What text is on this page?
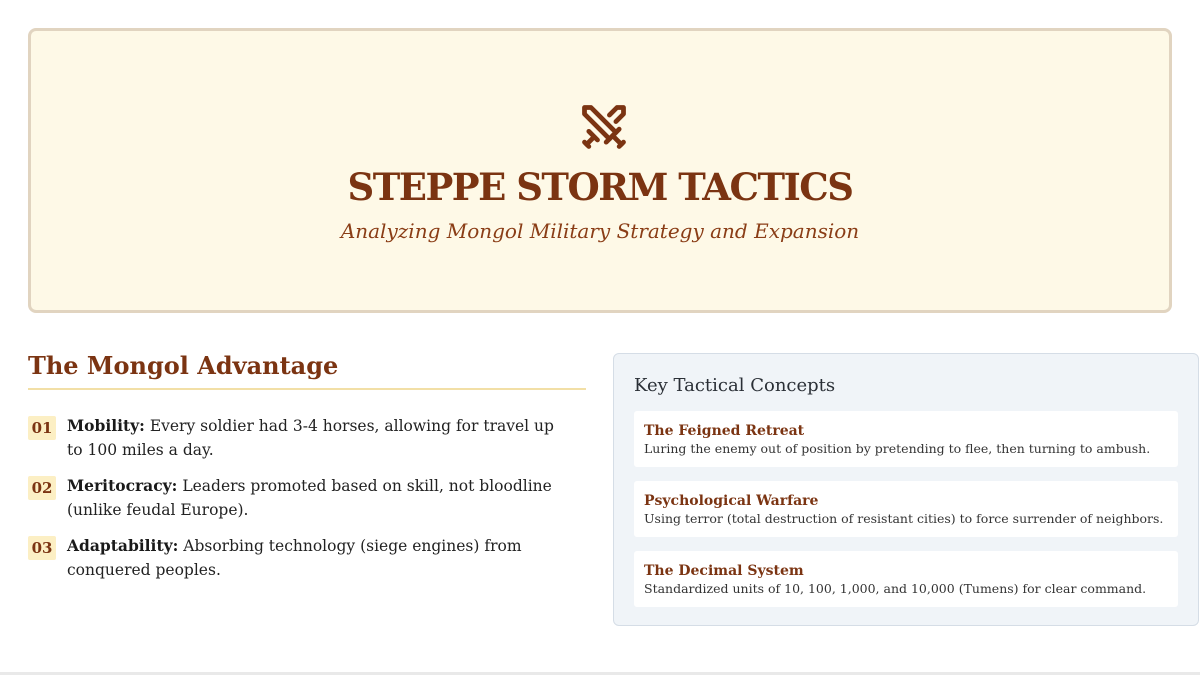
STEPPE STORM TACTICS
Analyzing Mongol Military Strategy and Expansion
The Mongol Advantage
01 Mobility: Every soldier had 3-4 horses, allowing for travel up to 100 miles a day.
02 Meritocracy: Leaders promoted based on skill, not bloodline (unlike feudal Europe).
03 Adaptability: Absorbing technology (siege engines) from conquered peoples.
Key Tactical Concepts
The Feigned Retreat
Luring the enemy out of position by pretending to flee, then turning to ambush.
Psychological Warfare
Using terror (total destruction of resistant cities) to force surrender of neighbors.
The Decimal System
Standardized units of 10, 100, 1,000, and 10,000 (Tumens) for clear command.
